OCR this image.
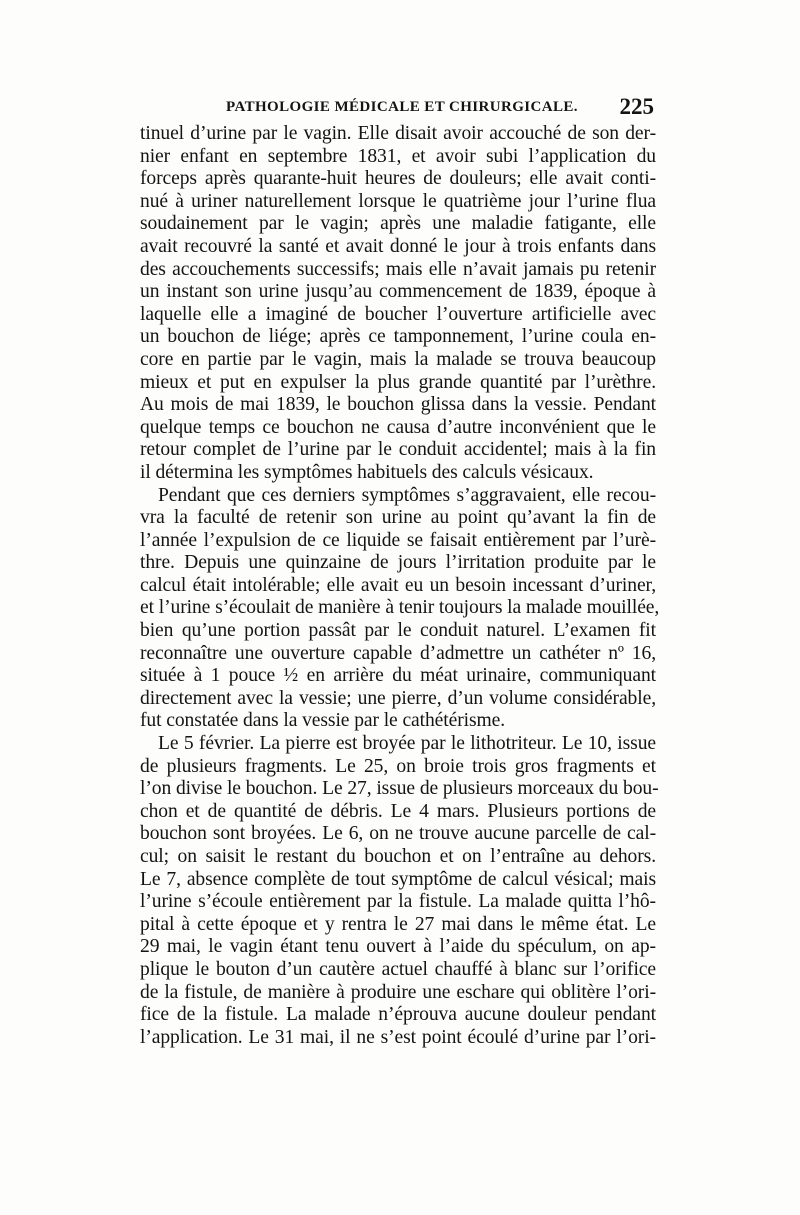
PATHOLOGIE MÉDICALE ET CHIRURGICALE. 225
tinuel d’urine par le vagin. Elle disait avoir accouché de son der-
nier enfant en septembre 1831, et avoir subi l’application du
forceps après quarante-huit heures de douleurs; elle avait conti-
nué à uriner naturellement lorsque le quatrième jour l’urine flua
soudainement par le vagin; après une maladie fatigante, elle
avait recouvré la santé et avait donné le jour à trois enfants dans
des accouchements successifs; mais elle n’avait jamais pu retenir
un instant son urine jusqu’au commencement de 1839, époque à
laquelle elle a imaginé de boucher l’ouverture artificielle avec
un bouchon de liége; après ce tamponnement, l’urine coula en-
core en partie par le vagin, mais la malade se trouva beaucoup
mieux et put en expulser la plus grande quantité par l’urèthre.
Au mois de mai 1839, le bouchon glissa dans la vessie. Pendant
quelque temps ce bouchon ne causa d’autre inconvénient que le
retour complet de l’urine par le conduit accidentel; mais à la fin
il détermina les symptômes habituels des calculs vésicaux.
Pendant que ces derniers symptômes s’aggravaient, elle recou-
vra la faculté de retenir son urine au point qu’avant la fin de
l’année l’expulsion de ce liquide se faisait entièrement par l’urè-
thre. Depuis une quinzaine de jours l’irritation produite par le
calcul était intolérable; elle avait eu un besoin incessant d’uriner,
et l’urine s’écoulait de manière à tenir toujours la malade mouillée,
bien qu’une portion passât par le conduit naturel. L’examen fit
reconnaître une ouverture capable d’admettre un cathéter nº 16,
située à 1 pouce ½ en arrière du méat urinaire, communiquant
directement avec la vessie; une pierre, d’un volume considérable,
fut constatée dans la vessie par le cathétérisme.
Le 5 février. La pierre est broyée par le lithotriteur. Le 10, issue
de plusieurs fragments. Le 25, on broie trois gros fragments et
l’on divise le bouchon. Le 27, issue de plusieurs morceaux du bou-
chon et de quantité de débris. Le 4 mars. Plusieurs portions de
bouchon sont broyées. Le 6, on ne trouve aucune parcelle de cal-
cul; on saisit le restant du bouchon et on l’entraîne au dehors.
Le 7, absence complète de tout symptôme de calcul vésical; mais
l’urine s’écoule entièrement par la fistule. La malade quitta l’hô-
pital à cette époque et y rentra le 27 mai dans le même état. Le
29 mai, le vagin étant tenu ouvert à l’aide du spéculum, on ap-
plique le bouton d’un cautère actuel chauffé à blanc sur l’orifice
de la fistule, de manière à produire une eschare qui oblitère l’ori-
fice de la fistule. La malade n’éprouva aucune douleur pendant
l’application. Le 31 mai, il ne s’est point écoulé d’urine par l’ori-
